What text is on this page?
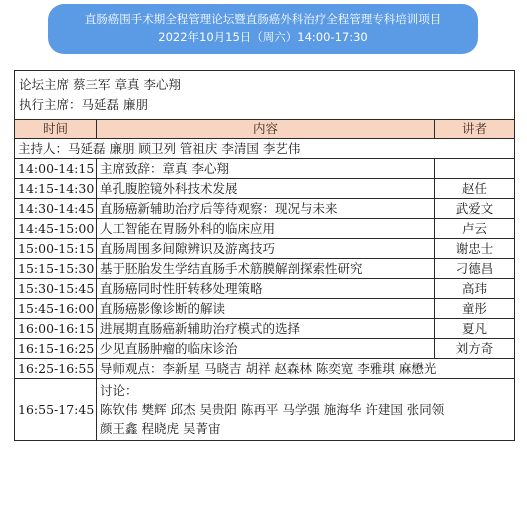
直肠癌围手术期全程管理论坛暨直肠癌外科治疗全程管理专科培训项目
2022年10月15日（周六）14:00-17:30
论坛主席 蔡三军 章真 李心翔
执行主席：马延磊 廉朋		

时间	内容	讲者
主持人：马延磊 廉朋 顾卫列 管祖庆 李清国 李艺伟		
14:00-14:15	主席致辞：章真 李心翔	
14:15-14:30	单孔腹腔镜外科技术发展	赵任
14:30-14:45	直肠癌新辅助治疗后等待观察：现况与未来	武爱文
14:45-15:00	人工智能在胃肠外科的临床应用	卢云
15:00-15:15	直肠周围多间隙辨识及游离技巧	谢忠士
15:15-15:30	基于胚胎发生学结直肠手术筋膜解剖探索性研究	刁德昌
15:30-15:45	直肠癌同时性肝转移处理策略	高玮
15:45-16:00	直肠癌影像诊断的解读	童彤
16:00-16:15	进展期直肠癌新辅助治疗模式的选择	夏凡
16:15-16:25	少见直肠肿瘤的临床诊治	刘方奇
16:25-16:55	导师观点：李新星 马晓吉 胡祥 赵森林 陈奕宽 李雅琪 麻懋光	
16:55-17:45	讨论：
陈钦伟 樊辉 邱杰 吴贵阳 陈再平 马学强 施海华 许建国 张同领
颜王鑫 程晓虎 吴菁宙	
